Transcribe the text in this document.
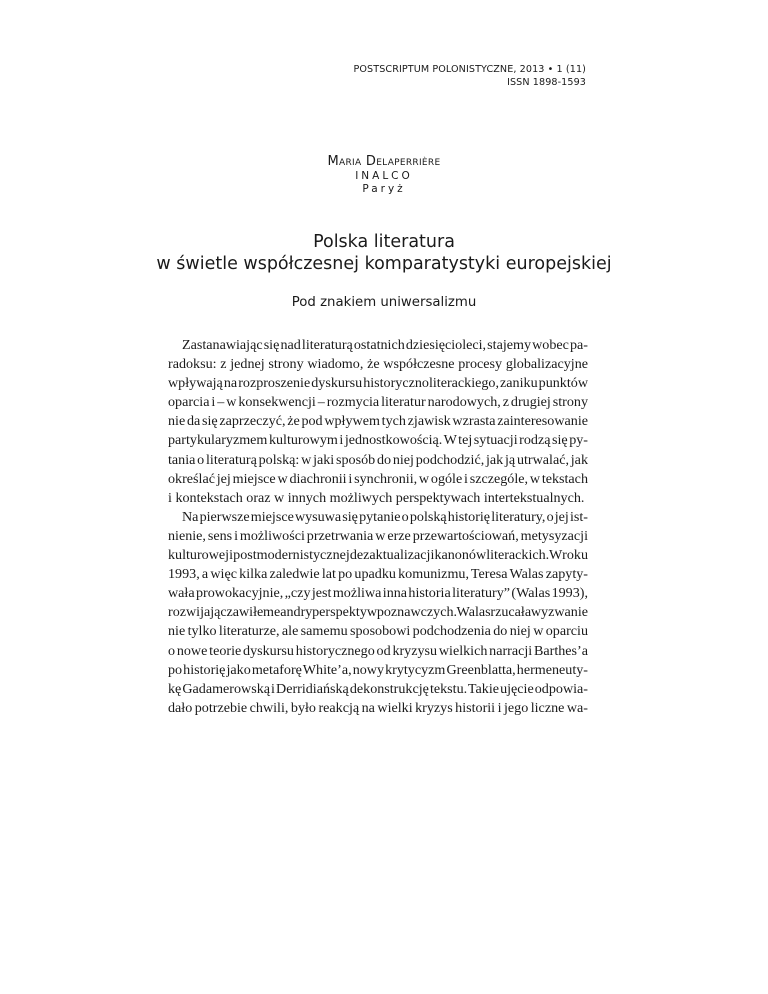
POSTSCRIPTUM POLONISTYCZNE, 2013 • 1 (11)
ISSN 1898-1593
Maria Delaperrière
INALCO
Paryż
Polska literatura
w świetle współczesnej komparatystyki europejskiej
Pod znakiem uniwersalizmu
Zastanawiając się nad literaturą ostatnich dziesięcioleci, stajemy wobec pa-
radoksu: z jednej strony wiadomo, że współczesne procesy globalizacyjne
wpływają na rozproszenie dyskursu historycznoliterackiego, zaniku punktów
oparcia i – w konsekwencji – rozmycia literatur narodowych, z drugiej strony
nie da się zaprzeczyć, że pod wpływem tych zjawisk wzrasta zainteresowanie
partykularyzmem kulturowym i jednostkowością. W tej sytuacji rodzą się py-
tania o literaturą polską: w jaki sposób do niej podchodzić, jak ją utrwalać, jak
określać jej miejsce w diachronii i synchronii, w ogóle i szczególe, w tekstach
i kontekstach oraz w innych możliwych perspektywach intertekstualnych.
Na pierwsze miejsce wysuwa się pytanie o polską historię literatury, o jej ist-
nienie, sens i możliwości przetrwania w erze przewartościowań, metysyzacji
kulturowej i postmodernistycznej dezaktualizacji kanonów literackich. W roku
1993, a więc kilka zaledwie lat po upadku komunizmu, Teresa Walas zapyty-
wała prowokacyjnie, „czy jest możliwa inna historia literatury” (Walas 1993),
rozwijając zawiłe meandry perspektyw poznawczych. Walas rzucała wyzwanie
nie tylko literaturze, ale samemu sposobowi podchodzenia do niej w oparciu
o nowe teorie dyskursu historycznego od kryzysu wielkich narracji Barthes’a
po historię jako metaforę White’a, nowy krytycyzm Greenblatta, hermeneuty-
kę Gadamerowską i Derridiańską dekonstrukcję tekstu. Takie ujęcie odpowia-
dało potrzebie chwili, było reakcją na wielki kryzys historii i jego liczne wa-
